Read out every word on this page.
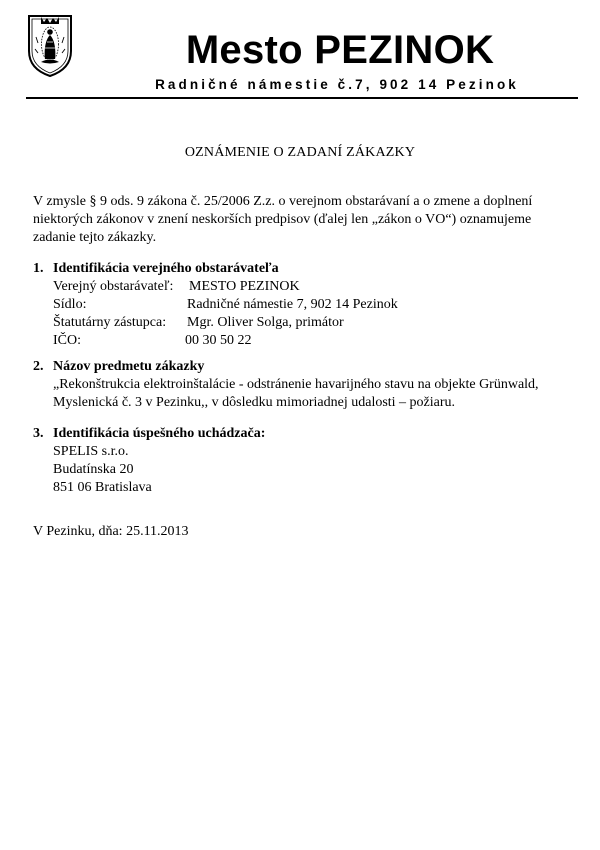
Mesto PEZINOK
Radničné námestie č.7, 902 14 Pezinok
OZNÁMENIE O ZADANÍ ZÁKAZKY

V zmysle § 9 ods. 9 zákona č. 25/2006 Z.z. o verejnom obstarávaní a o zmene a doplnení niektorých zákonov v znení neskorších predpisov (ďalej len „zákon o VO“) oznamujeme zadanie tejto zákazky.

1. Identifikácia verejného obstarávateľa

Verejný obstarávateľ: MESTO PEZINOK
Sídlo:	Radničné námestie 7, 902 14 Pezinok
Štatutárny zástupca: Mgr. Oliver Solga, primátor
IČO:	00 30 50 22
2. Názov predmetu zákazky

„Rekonštrukcia elektroinštalácie - odstránenie havarijného stavu na objekte Grünwald,

Myslenická č. 3 v Pezinku,, v dôsledku mimoriadnej udalosti – požiaru.

3. Identifikácia úspešného uchádzača:

SPELIS s.r.o.

Budatínska 20

851 06 Bratislava

V Pezinku, dňa: 25.11.2013
